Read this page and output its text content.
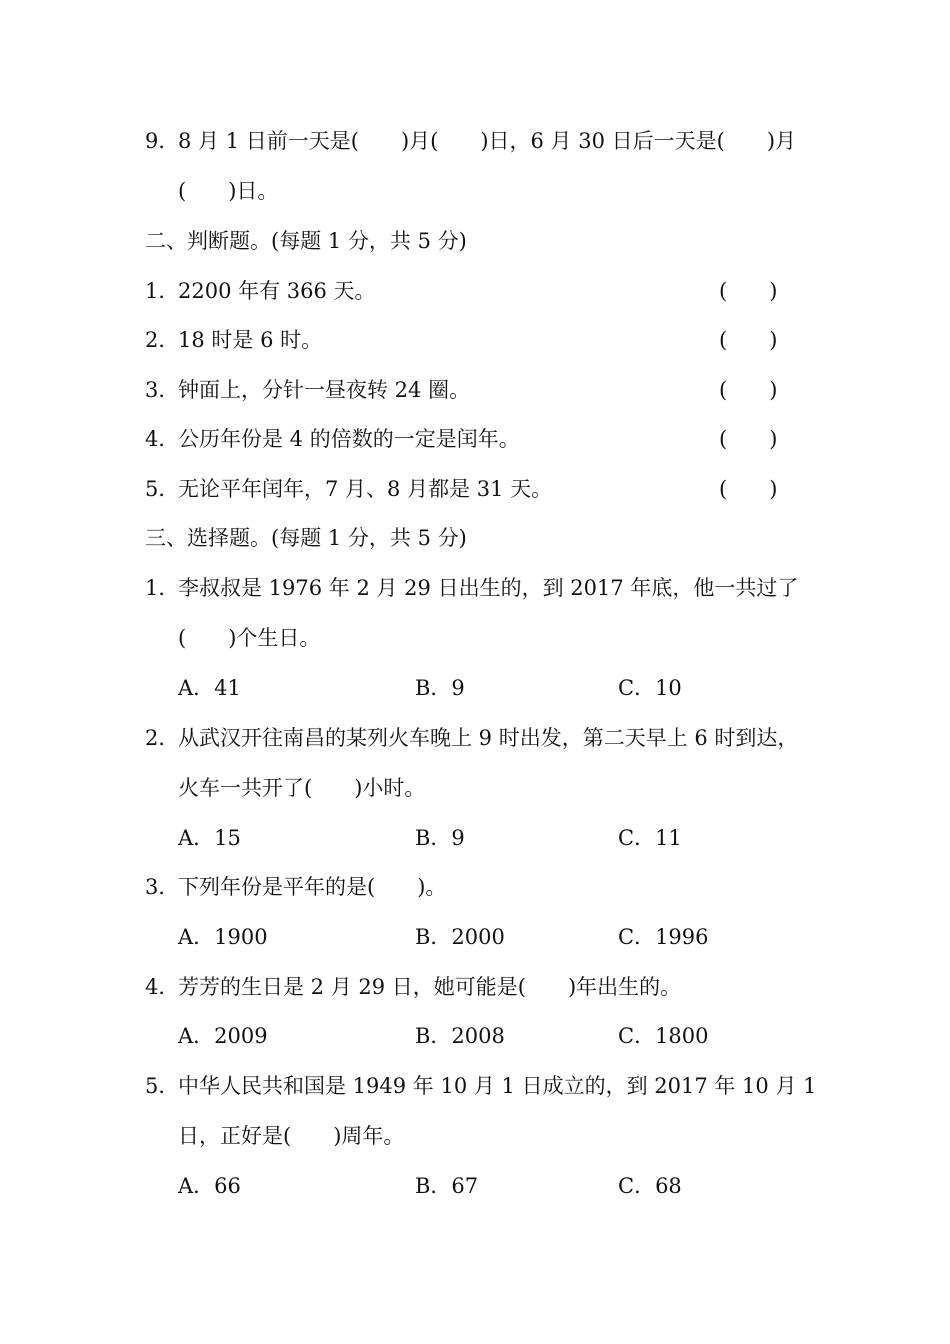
9．
8 月 1 日前一天是(　　)月(　　)日，6 月 30 日后一天是(　　)月
(　　)日。
二、判断题。(每题 1 分，共 5 分)
1．
2200 年有 366 天。	(　　)
2．
18 时是 6 时。	(　　)
3．
钟面上，分针一昼夜转 24 圈。	(　　)
4．
公历年份是 4 的倍数的一定是闰年。	(　　)
5．
无论平年闰年，7 月、8 月都是 31 天。	(　　)
三、选择题。(每题 1 分，共 5 分)
1．
李叔叔是 1976 年 2 月 29 日出生的，到 2017 年底，他一共过了
(　　)个生日。
A．41	B．9	C．10
2．
从武汉开往南昌的某列火车晚上 9 时出发，第二天早上 6 时到达，
火车一共开了(　　)小时。
A．15	B．9	C．11
3．
下列年份是平年的是(　　)。
A．1900	B．2000	C．1996
4．
芳芳的生日是 2 月 29 日，她可能是(　　)年出生的。
A．2009	B．2008	C．1800
5．
中华人民共和国是 1949 年 10 月 1 日成立的，到 2017 年 10 月 1
日，正好是(　　)周年。
A．66	B．67	C．68
